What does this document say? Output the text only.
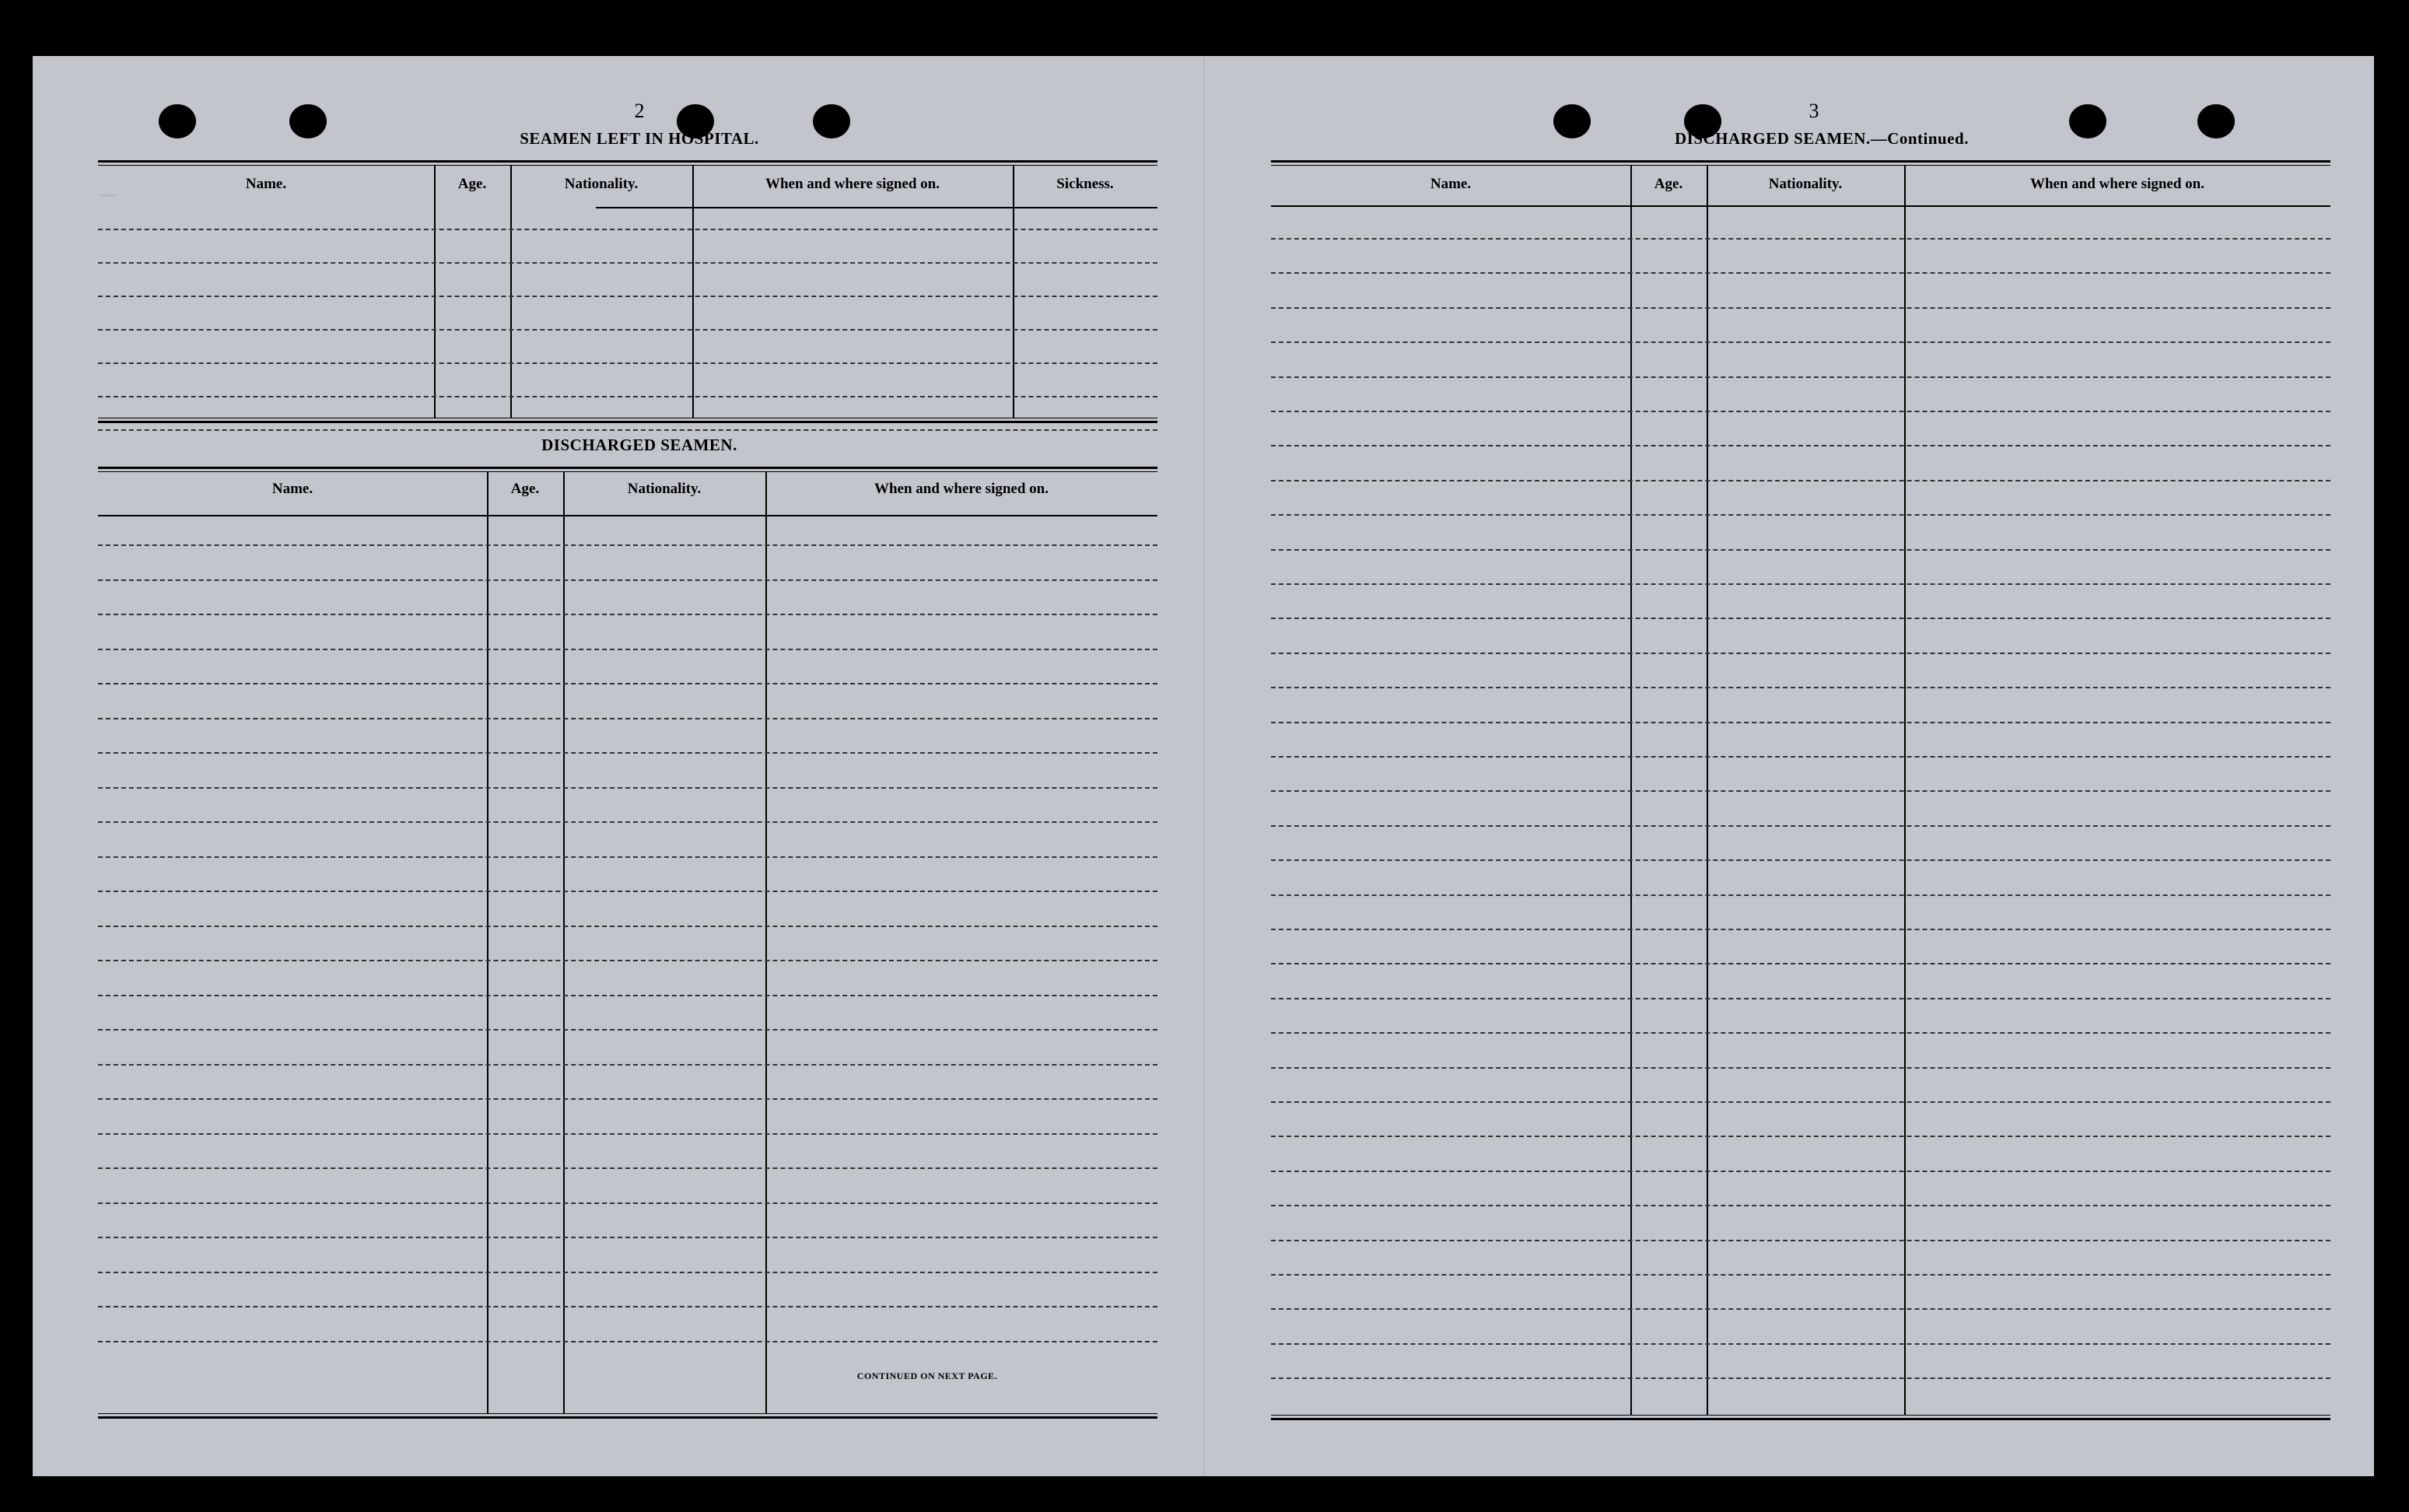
⎯
2
SEAMEN LEFT IN HOSPITAL.
Name.	Age.	Nationality.	When and where signed on.	Sickness.
DISCHARGED SEAMEN.
Name.	Age.	Nationality.	When and where signed on.
CONTINUED ON NEXT PAGE.
3
DISCHARGED SEAMEN.—Continued.
Name.	Age.	Nationality.	When and where signed on.
